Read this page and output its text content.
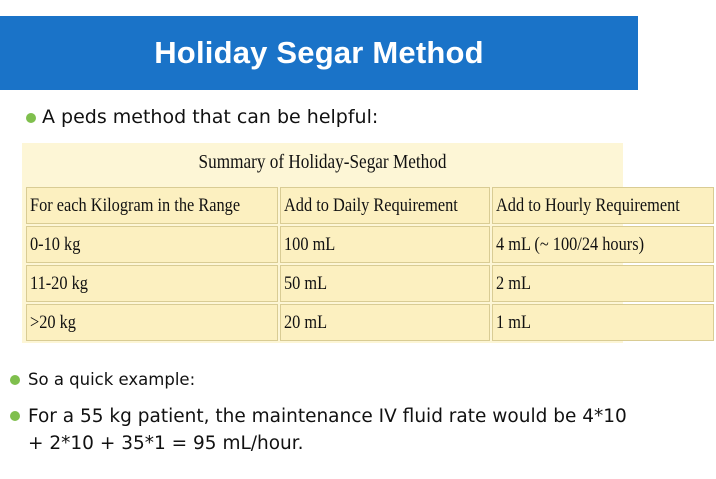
Holiday Segar Method
A peds method that can be helpful:
Summary of Holiday-Segar Method
For each Kilogram in the Range	Add to Daily Requirement	Add to Hourly Requirement
0-10 kg	100 mL	4 mL (~ 100/24 hours)
11-20 kg	50 mL	2 mL
>20 kg	20 mL	1 mL
So a quick example:
For a 55 kg patient, the maintenance IV fluid rate would be 4*10 + 2*10 + 35*1 = 95 mL/hour.
